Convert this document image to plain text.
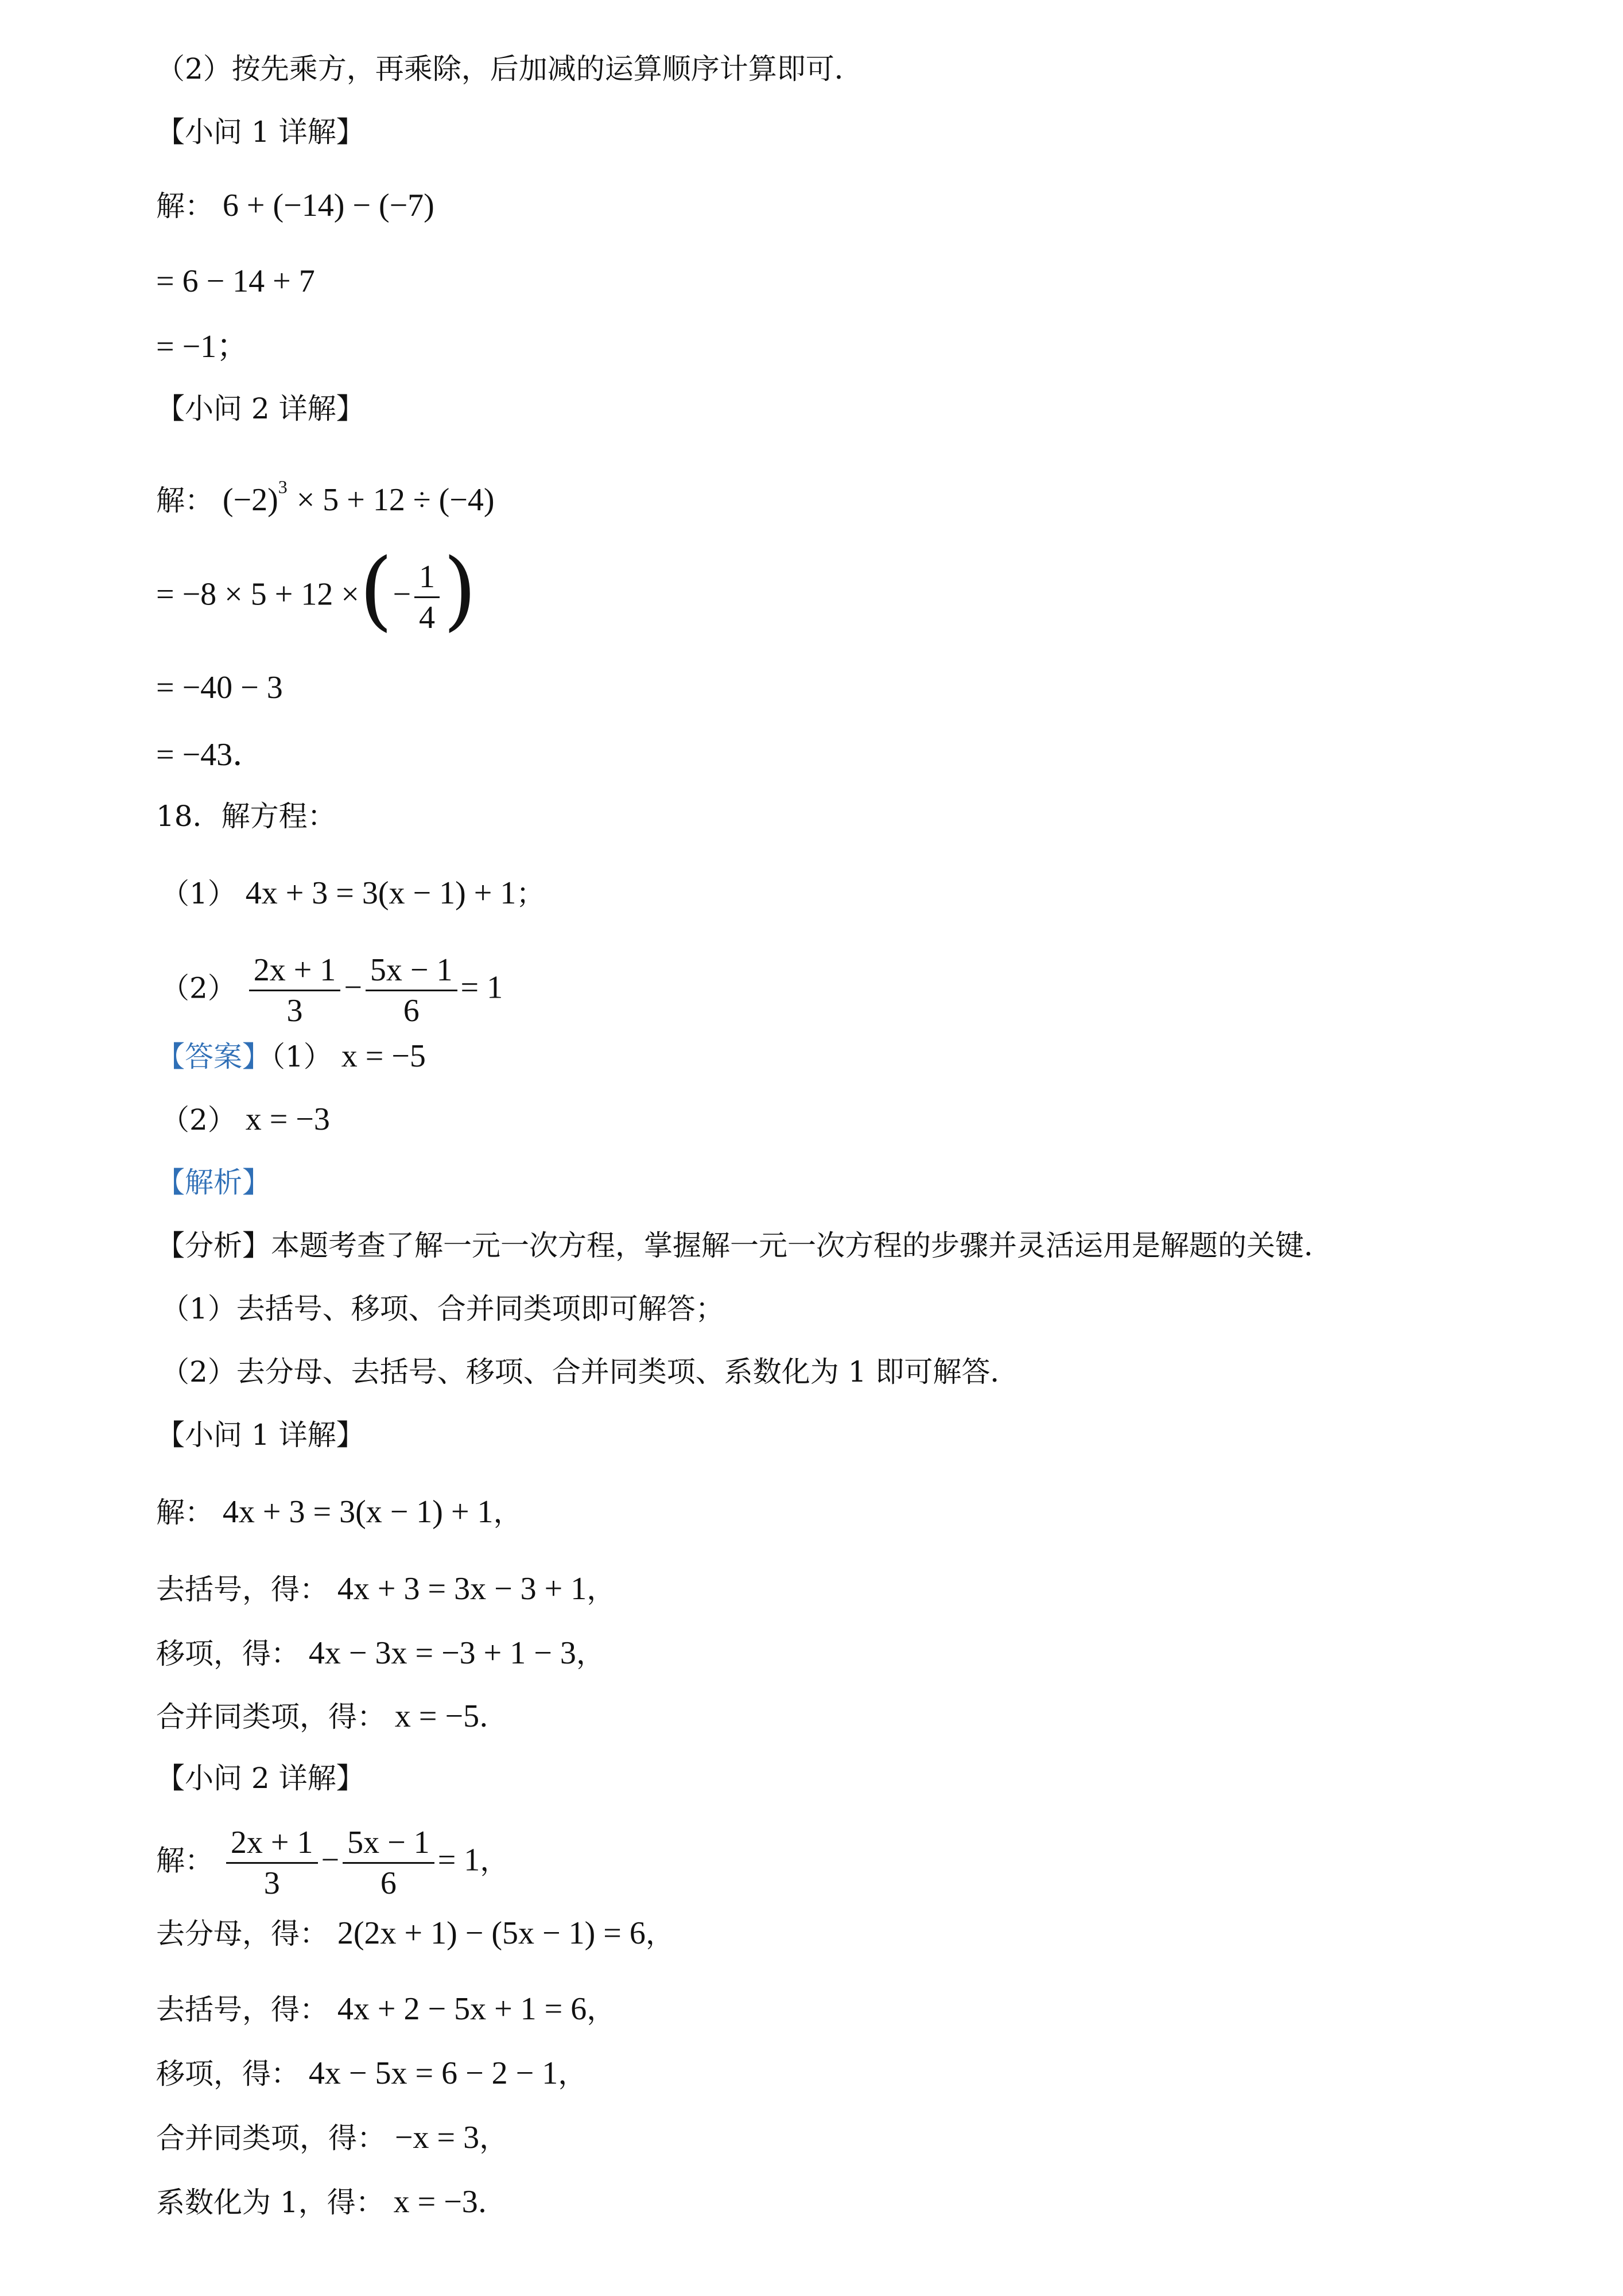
（2）按先乘方，再乘除，后加减的运算顺序计算即可．
【小问 1 详解】
解： 6 + (−14) − (−7)
= 6 − 14 + 7
= −1；
【小问 2 详解】
解： $(-2)^3 \times 5 + 12 \div (-4)$
= −8 × 5 + 12 ×(− $\frac{1}{4}$ )
= −40 − 3
= −43．
18．解方程：
（1） 4x + 3 = 3(x − 1) + 1；
$(2) \frac{2x + 1}{3} - \frac{5x - 1}{6} = 1$
【答案】（1） x = −5
（2） x = −3
【解析】
【分析】本题考查了解一元一次方程，掌握解一元一次方程的步骤并灵活运用是解题的关键．
（1）去括号、移项、合并同类项即可解答；
（2）去分母、去括号、移项、合并同类项、系数化为 1 即可解答．
【小问 1 详解】
解： 4x + 3 = 3(x − 1) + 1，
去括号，得： 4x + 3 = 3x − 3 + 1，
移项，得： 4x − 3x = −3 + 1 − 3，
合并同类项，得： x = −5．
【小问 2 详解】
解： $\frac{2x + 1}{3} - \frac{5x - 1}{6} = 1$，
去分母，得： 2(2x + 1) − (5x − 1) = 6，
去括号，得： 4x + 2 − 5x + 1 = 6，
移项，得： 4x − 5x = 6 − 2 − 1，
合并同类项，得： −x = 3，
系数化为 1，得： x = −3．
